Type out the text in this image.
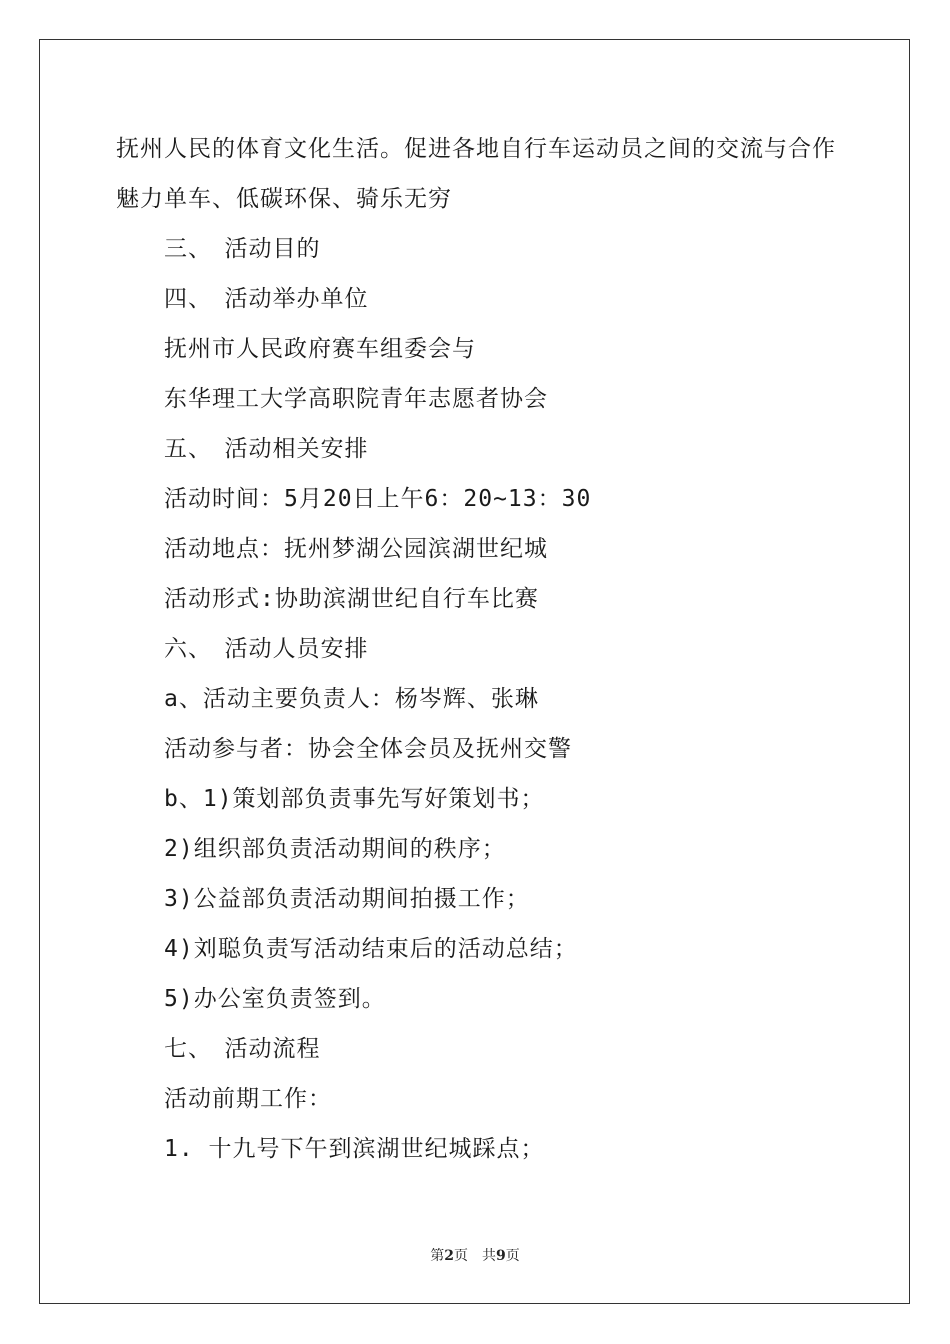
抚州人民的体育文化生活。促进各地自行车运动员之间的交流与合作
魅力单车、低碳环保、骑乐无穷
三、　活动目的
四、　活动举办单位
抚州市人民政府赛车组委会与
东华理工大学高职院青年志愿者协会
五、　活动相关安排
活动时间：5月20日上午6：20~13：30
活动地点：抚州梦湖公园滨湖世纪城
活动形式:协助滨湖世纪自行车比赛
六、　活动人员安排
a、活动主要负责人：杨岑辉、张琳
活动参与者：协会全体会员及抚州交警
b、1)策划部负责事先写好策划书；
2)组织部负责活动期间的秩序；
3)公益部负责活动期间拍摄工作；
4)刘聪负责写活动结束后的活动总结；
5)办公室负责签到。
七、　活动流程
活动前期工作：
1. 十九号下午到滨湖世纪城踩点；
第2页　共9页
